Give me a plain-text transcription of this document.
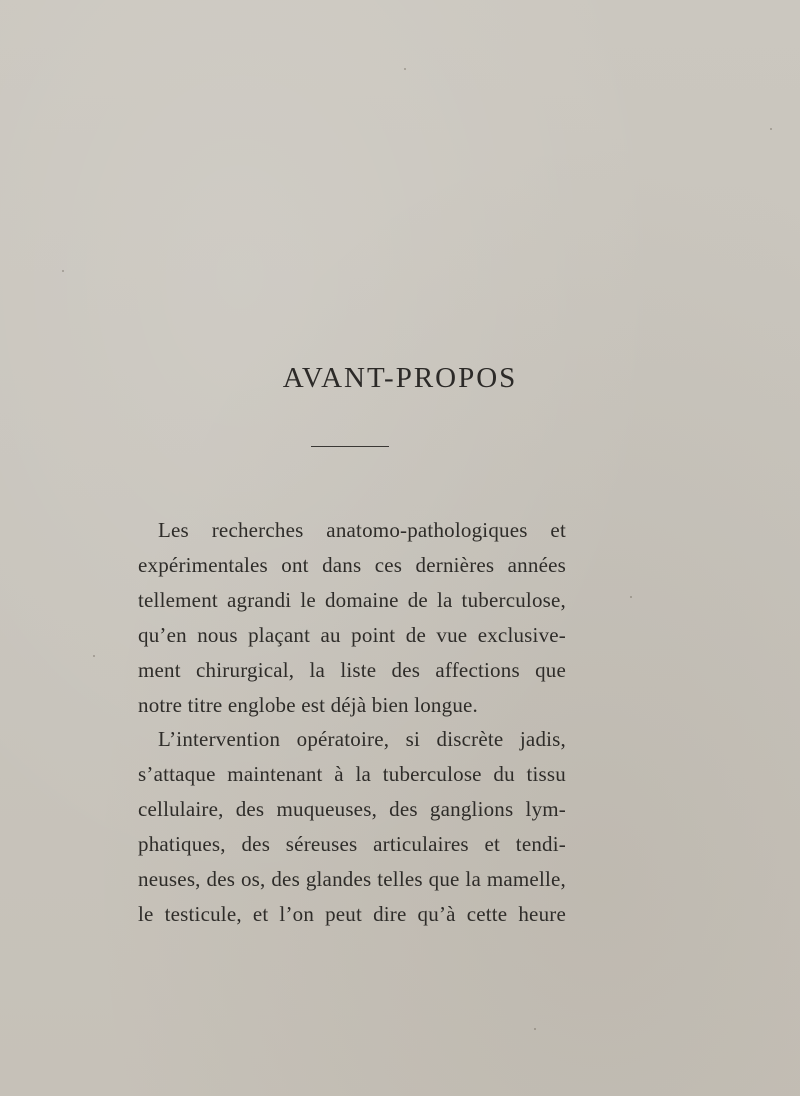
AVANT-PROPOS
Les recherches anatomo-pathologiques et
expérimentales ont dans ces dernières années
tellement agrandi le domaine de la tuberculose,
qu’en nous plaçant au point de vue exclusive-
ment chirurgical, la liste des affections que
notre titre englobe est déjà bien longue.
L’intervention opératoire, si discrète jadis,
s’attaque maintenant à la tuberculose du tissu
cellulaire, des muqueuses, des ganglions lym-
phatiques, des séreuses articulaires et tendi-
neuses, des os, des glandes telles que la mamelle,
le testicule, et l’on peut dire qu’à cette heure
